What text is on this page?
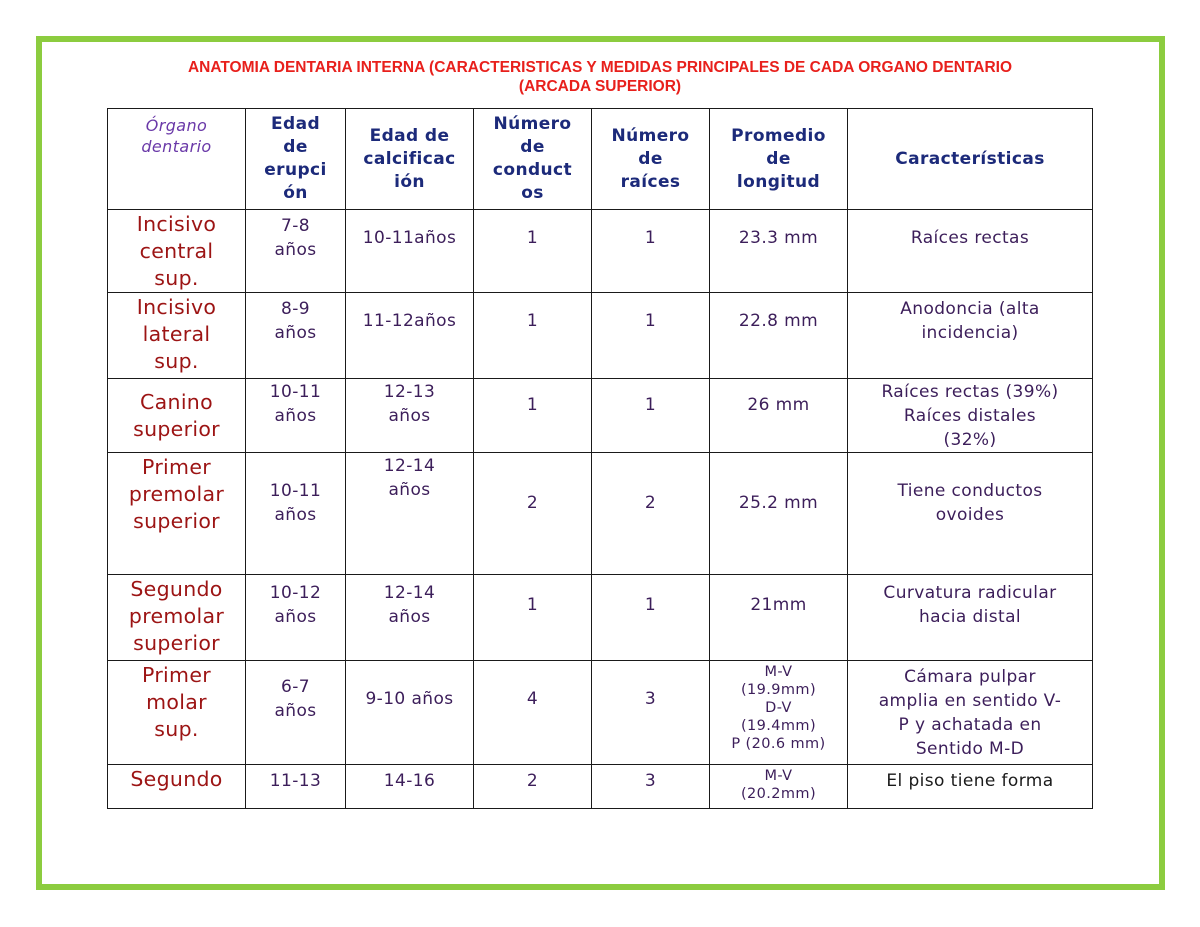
ANATOMIA DENTARIA INTERNA (CARACTERISTICAS Y MEDIDAS PRINCIPALES DE CADA ORGANO DENTARIO
(ARCADA SUPERIOR)
Órgano
dentario	Edad
de
erupci
ón	Edad de
calcificac
ión	Número
de
conduct
os	Número
de
raíces	Promedio
de
longitud	Características

Incisivo
central
sup.	7-8
años	10-11años	1	1	23.3 mm	Raíces rectas

Incisivo
lateral
sup.	8-9
años	11-12años	1	1	22.8 mm	Anodoncia (alta
incidencia)

Canino
superior	10-11
años	12-13
años	1	1	26 mm	Raíces rectas (39%)
Raíces distales
(32%)

Primer
premolar
superior	10-11
años	12-14
años	2	2	25.2 mm	Tiene conductos
ovoides

Segundo
premolar
superior	10-12
años	12-14
años	1	1	21mm	Curvatura radicular
hacia distal

Primer
molar
sup.	6-7
años	9-10 años	4	3	M-V
(19.9mm)
D-V
(19.4mm)
P (20.6 mm)	Cámara pulpar
amplia en sentido V-
P y achatada en
Sentido M-D

Segundo	11-13	14-16	2	3	M-V
(20.2mm)	El piso tiene forma
